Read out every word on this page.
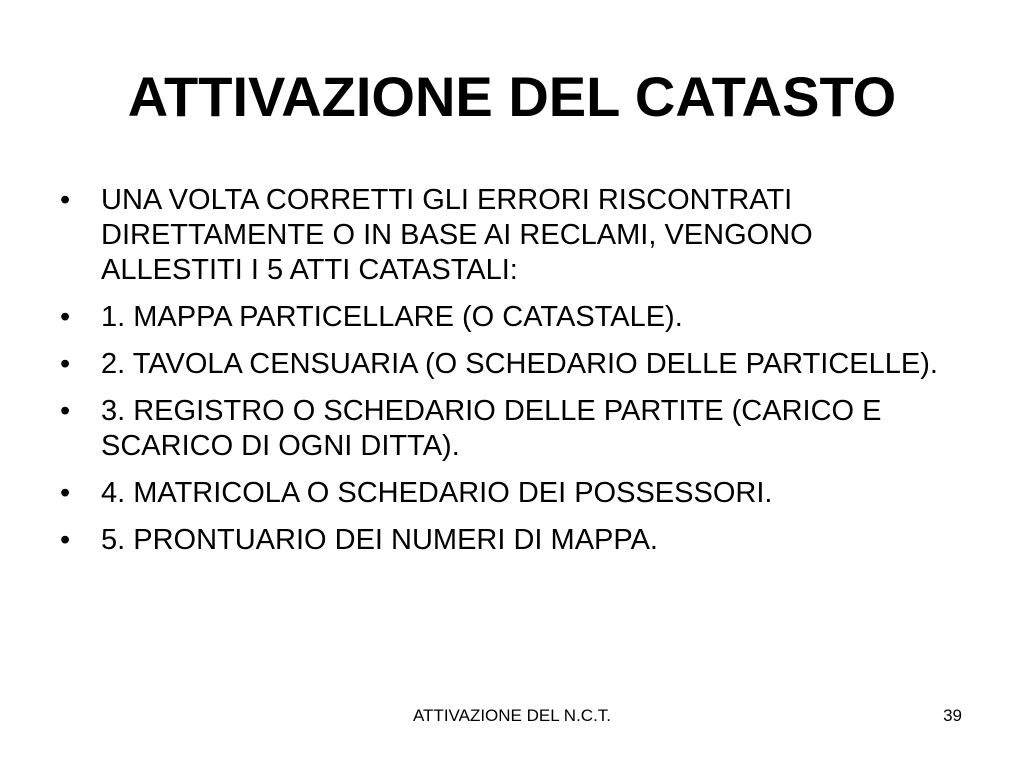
ATTIVAZIONE DEL CATASTO
•	UNA VOLTA CORRETTI GLI ERRORI RISCONTRATI DIRETTAMENTE O IN BASE AI RECLAMI, VENGONO ALLESTITI I 5 ATTI CATASTALI:
•	1. MAPPA PARTICELLARE (O CATASTALE).
•	2. TAVOLA CENSUARIA (O SCHEDARIO DELLE PARTICELLE).
•	3. REGISTRO O SCHEDARIO DELLE PARTITE (CARICO E SCARICO DI OGNI DITTA).
•	4. MATRICOLA O SCHEDARIO DEI POSSESSORI.
•	5. PRONTUARIO DEI NUMERI DI MAPPA.
ATTIVAZIONE DEL N.C.T.	39
